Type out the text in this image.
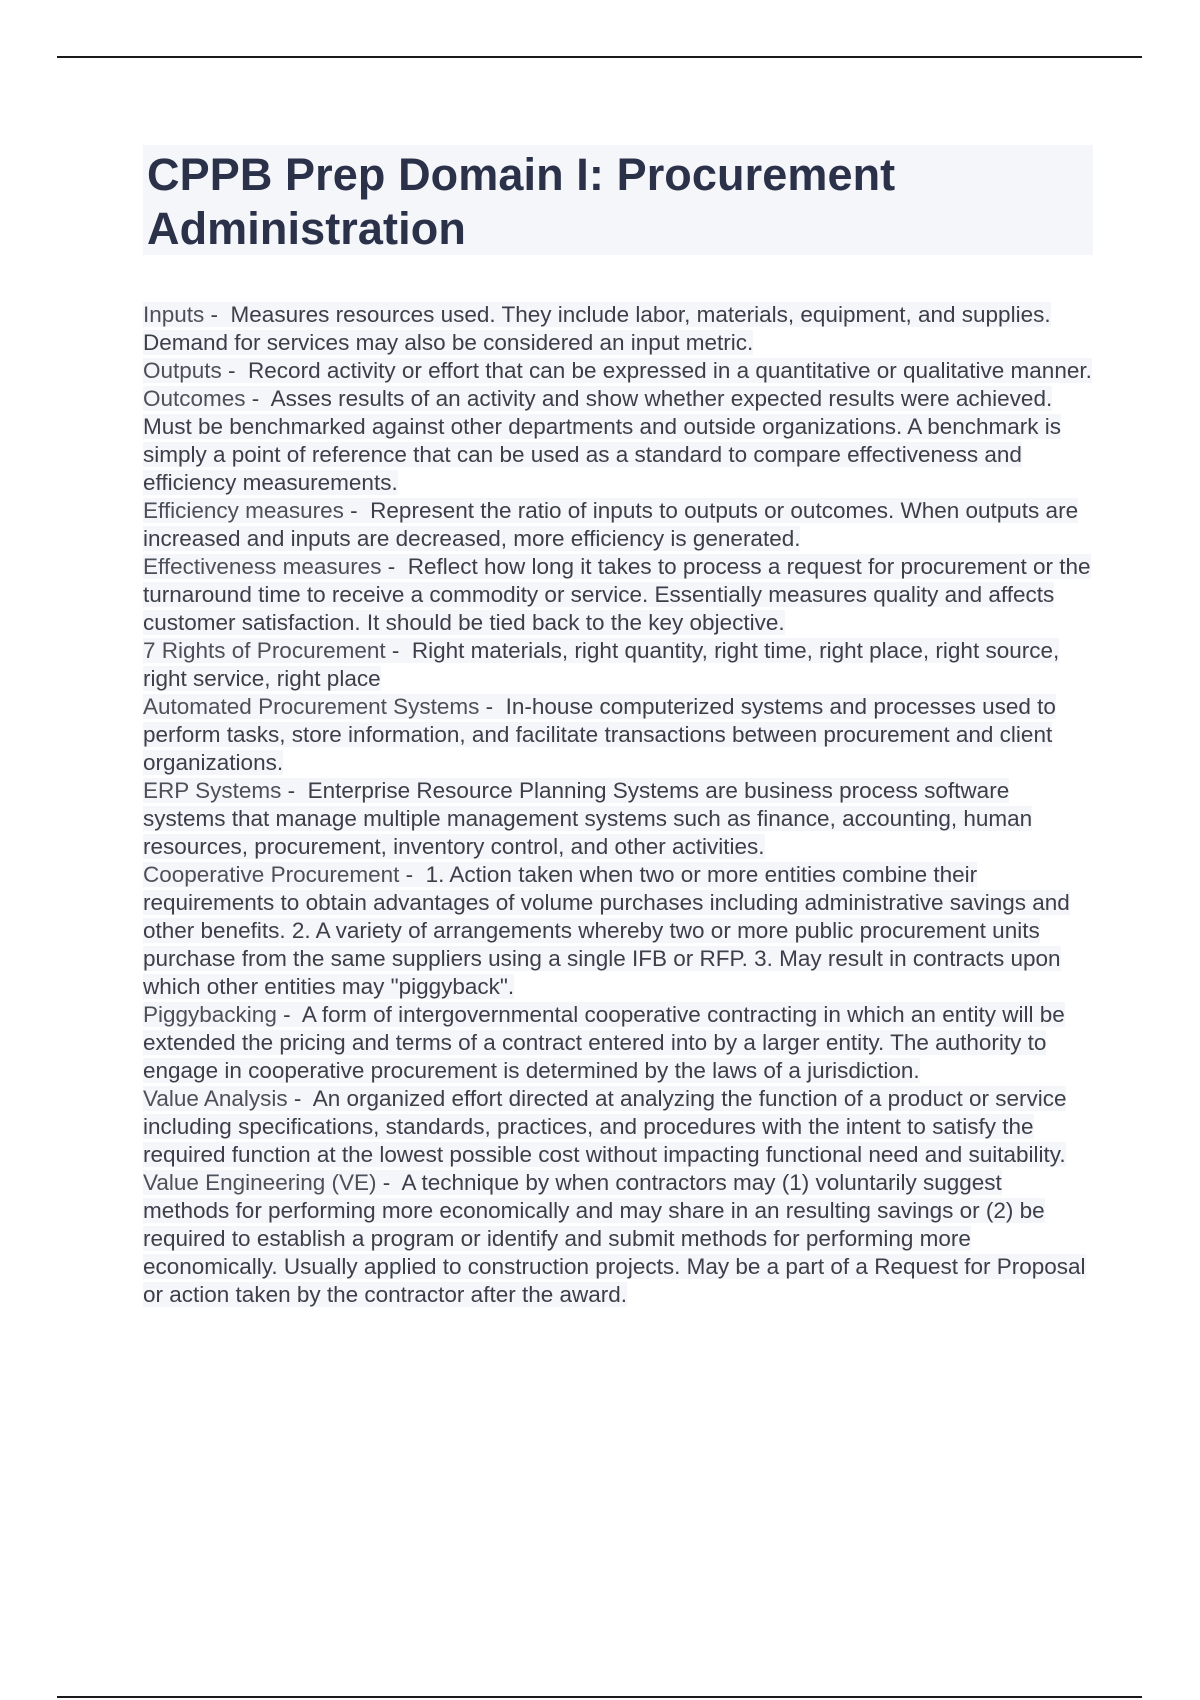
CPPB Prep Domain I: Procurement Administration

Inputs -  Measures resources used. They include labor, materials, equipment, and supplies. Demand for services may also be considered an input metric.

Outputs -  Record activity or effort that can be expressed in a quantitative or qualitative manner.

Outcomes -  Asses results of an activity and show whether expected results were achieved. Must be benchmarked against other departments and outside organizations. A benchmark is simply a point of reference that can be used as a standard to compare effectiveness and efficiency measurements.

Efficiency measures -  Represent the ratio of inputs to outputs or outcomes. When outputs are increased and inputs are decreased, more efficiency is generated.

Effectiveness measures -  Reflect how long it takes to process a request for procurement or the turnaround time to receive a commodity or service. Essentially measures quality and affects customer satisfaction. It should be tied back to the key objective.

7 Rights of Procurement -  Right materials, right quantity, right time, right place, right source, right service, right place

Automated Procurement Systems -  In-house computerized systems and processes used to perform tasks, store information, and facilitate transactions between procurement and client organizations.

ERP Systems -  Enterprise Resource Planning Systems are business process software systems that manage multiple management systems such as finance, accounting, human resources, procurement, inventory control, and other activities.

Cooperative Procurement -  1. Action taken when two or more entities combine their requirements to obtain advantages of volume purchases including administrative savings and other benefits. 2. A variety of arrangements whereby two or more public procurement units purchase from the same suppliers using a single IFB or RFP. 3. May result in contracts upon which other entities may "piggyback".

Piggybacking -  A form of intergovernmental cooperative contracting in which an entity will be extended the pricing and terms of a contract entered into by a larger entity. The authority to engage in cooperative procurement is determined by the laws of a jurisdiction.

Value Analysis -  An organized effort directed at analyzing the function of a product or service including specifications, standards, practices, and procedures with the intent to satisfy the required function at the lowest possible cost without impacting functional need and suitability.

Value Engineering (VE) -  A technique by when contractors may (1) voluntarily suggest methods for performing more economically and may share in an resulting savings or (2) be required to establish a program or identify and submit methods for performing more economically. Usually applied to construction projects. May be a part of a Request for Proposal or action taken by the contractor after the award.
